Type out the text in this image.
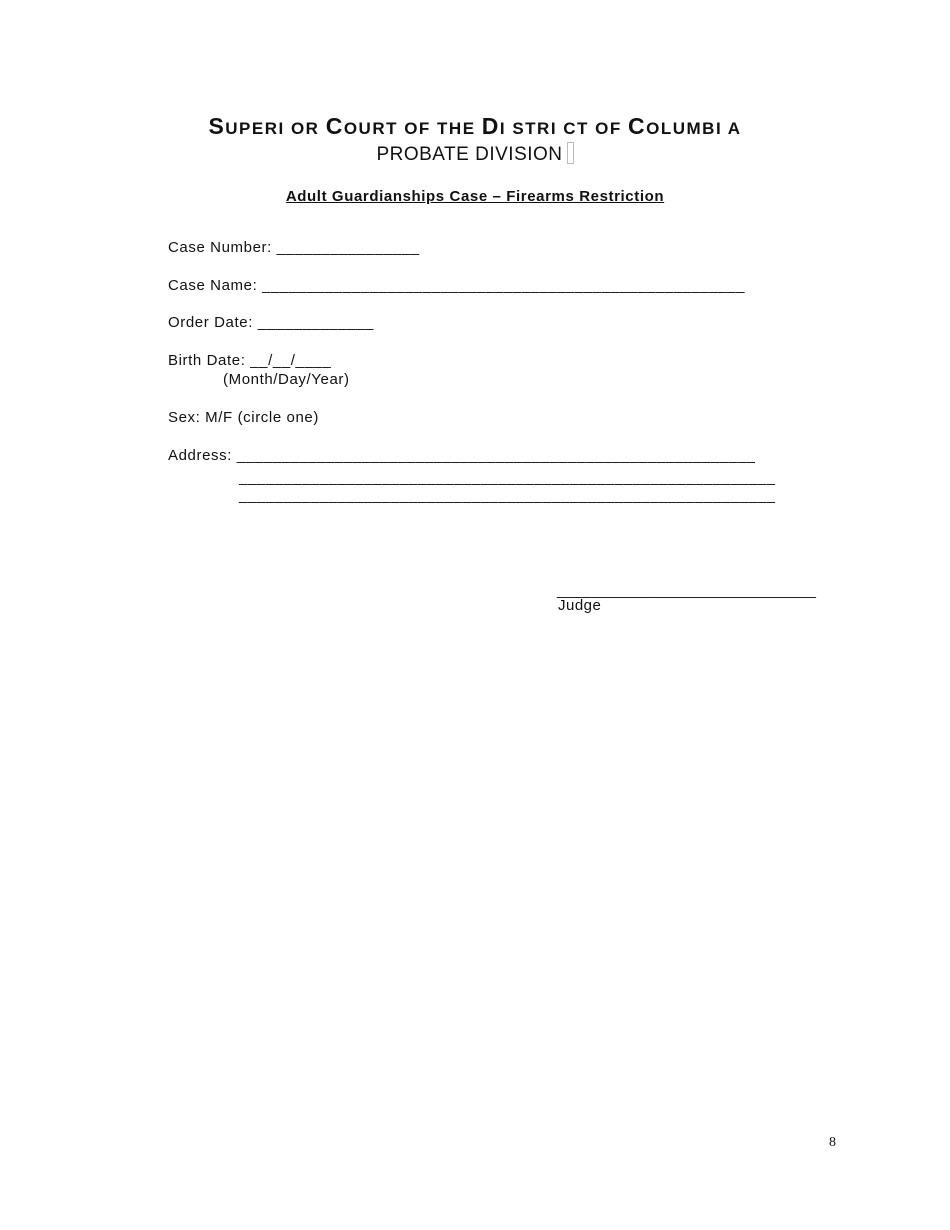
SUPERI OR COURT OF THE DI STRI CT OF COLUMBI A
PROBATE DIVISION
Adult Guardianships Case – Firearms Restriction
Case Number: ________________
Case Name: ______________________________________________________
Order Date: _____________
Birth Date: __/__/____
(Month/Day/Year)
Sex: M/F (circle one)
Address: __________________________________________________________
____________________________________________________________
____________________________________________________________
______________________________
Judge
8
